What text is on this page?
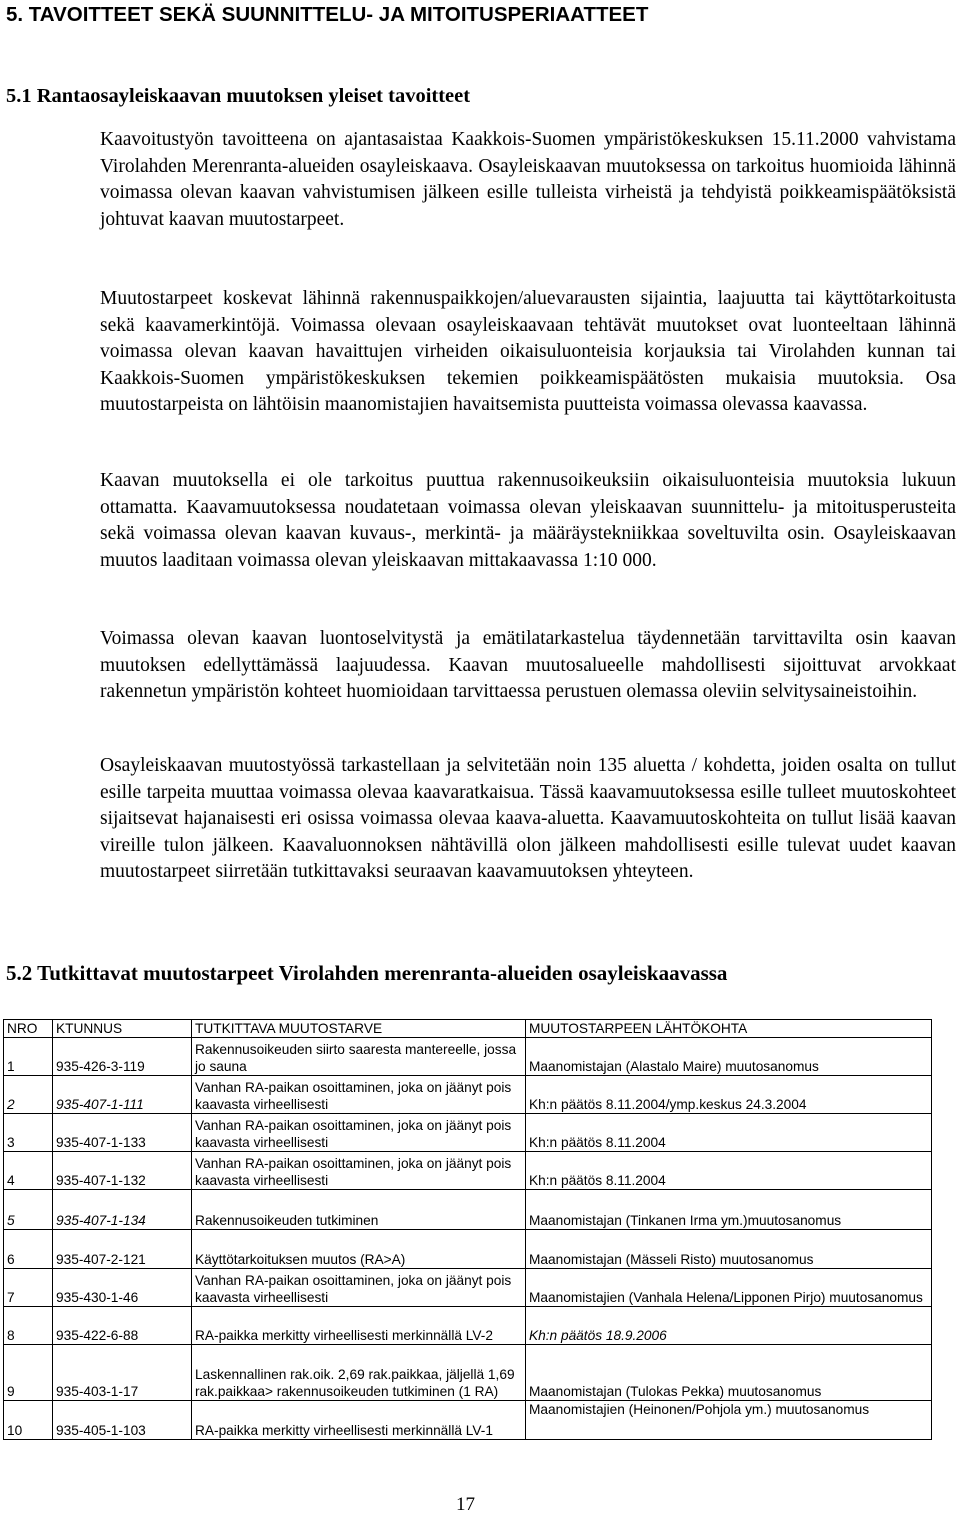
5. TAVOITTEET SEKÄ SUUNNITTELU- JA MITOITUSPERIAATTEET
5.1 Rantaosayleiskaavan muutoksen yleiset tavoitteet

Kaavoitustyön tavoitteena on ajantasaistaa Kaakkois-Suomen ympäristökeskuksen 15.11.2000 vahvistama Virolahden Merenranta-alueiden osayleiskaava. Osayleiskaavan muutoksessa on tarkoitus huomioida lähinnä voimassa olevan kaavan vahvistumisen jälkeen esille tulleista virheistä ja tehdyistä poikkeamispäätöksistä johtuvat kaavan muutostarpeet.

Muutostarpeet koskevat lähinnä rakennuspaikkojen/aluevarausten sijaintia, laajuutta tai käyttötarkoitusta sekä kaavamerkintöjä. Voimassa olevaan osayleiskaavaan tehtävät muutokset ovat luonteeltaan lähinnä voimassa olevan kaavan havaittujen virheiden oikaisuluonteisia korjauksia tai Virolahden kunnan tai Kaakkois-Suomen ympäristökeskuksen tekemien poikkeamispäätösten mukaisia muutoksia. Osa muutostarpeista on lähtöisin maanomistajien havaitsemista puutteista voimassa olevassa kaavassa.

Kaavan muutoksella ei ole tarkoitus puuttua rakennusoikeuksiin oikaisuluonteisia muutoksia lukuun ottamatta. Kaavamuutoksessa noudatetaan voimassa olevan yleiskaavan suunnittelu- ja mitoitusperusteita sekä voimassa olevan kaavan kuvaus-, merkintä- ja määräystekniikkaa soveltuvilta osin. Osayleiskaavan muutos laaditaan voimassa olevan yleiskaavan mittakaavassa 1:10 000.

Voimassa olevan kaavan luontoselvitystä ja emätilatarkastelua täydennetään tarvittavilta osin kaavan muutoksen edellyttämässä laajuudessa. Kaavan muutosalueelle mahdollisesti sijoittuvat arvokkaat rakennetun ympäristön kohteet huomioidaan tarvittaessa perustuen olemassa oleviin selvitysaineistoihin.

Osayleiskaavan muutostyössä tarkastellaan ja selvitetään noin 135 aluetta / kohdetta, joiden osalta on tullut esille tarpeita muuttaa voimassa olevaa kaavaratkaisua. Tässä kaavamuutoksessa esille tulleet muutoskohteet sijaitsevat hajanaisesti eri osissa voimassa olevaa kaava-aluetta. Kaavamuutoskohteita on tullut lisää kaavan vireille tulon jälkeen. Kaavaluonnoksen nähtävillä olon jälkeen mahdollisesti esille tulevat uudet kaavan muutostarpeet siirretään tutkittavaksi seuraavan kaavamuutoksen yhteyteen.

5.2 Tutkittavat muutostarpeet Virolahden merenranta-alueiden osayleiskaavassa
NRO	KTUNNUS	TUTKITTAVA MUUTOSTARVE	MUUTOSTARPEEN LÄHTÖKOHTA
1	935-426-3-119	Rakennusoikeuden siirto saaresta mantereelle, jossa jo sauna	Maanomistajan (Alastalo Maire) muutosanomus
2	935-407-1-111	Vanhan RA-paikan osoittaminen, joka on jäänyt pois kaavasta virheellisesti	Kh:n päätös 8.11.2004/ymp.keskus 24.3.2004
3	935-407-1-133	Vanhan RA-paikan osoittaminen, joka on jäänyt pois kaavasta virheellisesti	Kh:n päätös 8.11.2004
4	935-407-1-132	Vanhan RA-paikan osoittaminen, joka on jäänyt pois kaavasta virheellisesti	Kh:n päätös 8.11.2004
5	935-407-1-134	Rakennusoikeuden tutkiminen	Maanomistajan (Tinkanen Irma ym.)muutosanomus
6	935-407-2-121	Käyttötarkoituksen muutos (RA>A)	Maanomistajan (Mässeli Risto) muutosanomus
7	935-430-1-46	Vanhan RA-paikan osoittaminen, joka on jäänyt pois kaavasta virheellisesti	Maanomistajien (Vanhala Helena/Lipponen Pirjo) muutosanomus
8	935-422-6-88	RA-paikka merkitty virheellisesti merkinnällä LV-2	Kh:n päätös 18.9.2006
9	935-403-1-17	Laskennallinen rak.oik. 2,69 rak.paikkaa, jäljellä 1,69 rak.paikkaa> rakennusoikeuden tutkiminen (1 RA)	Maanomistajan (Tulokas Pekka) muutosanomus
10	935-405-1-103	RA-paikka merkitty virheellisesti merkinnällä LV-1	Maanomistajien (Heinonen/Pohjola ym.) muutosanomus
17
